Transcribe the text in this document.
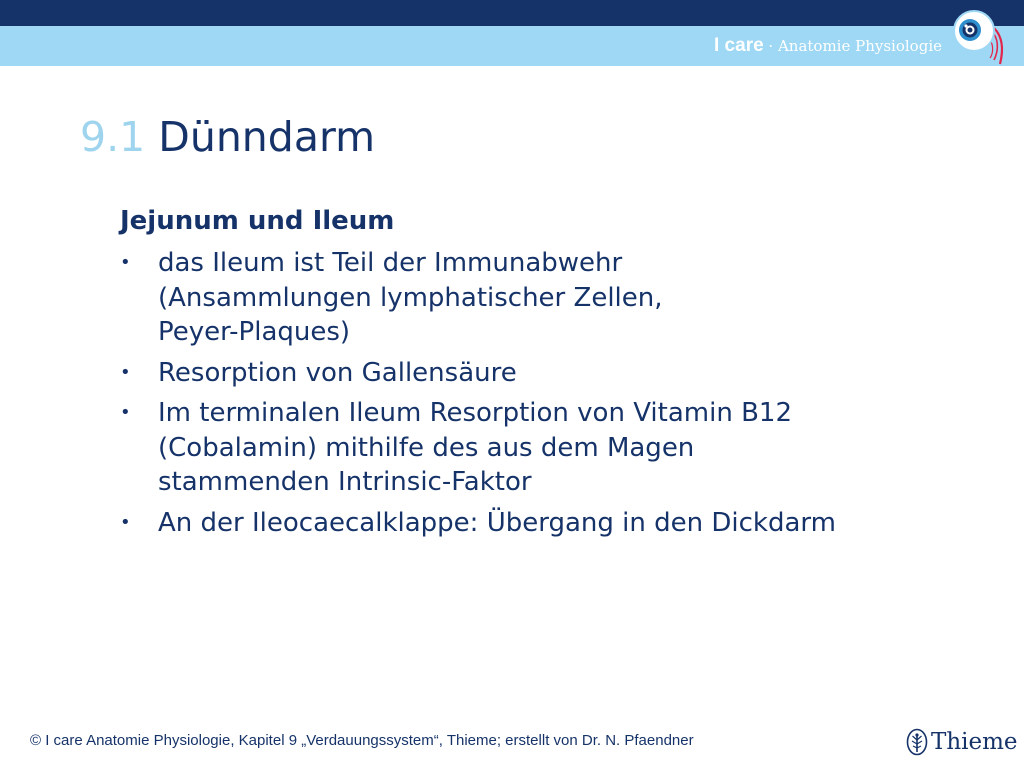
I care · Anatomie Physiologie
9.1 Dünndarm
Jejunum und Ileum
• das Ileum ist Teil der Immunabwehr
(Ansammlungen lymphatischer Zellen,
Peyer-Plaques)
• Resorption von Gallensäure
• Im terminalen Ileum Resorption von Vitamin B12
(Cobalamin) mithilfe des aus dem Magen
stammenden Intrinsic-Faktor
• An der Ileocaecalklappe: Übergang in den Dickdarm
© I care Anatomie Physiologie, Kapitel 9 „Verdauungssystem“, Thieme; erstellt von Dr. N. Pfaendner	Thieme
